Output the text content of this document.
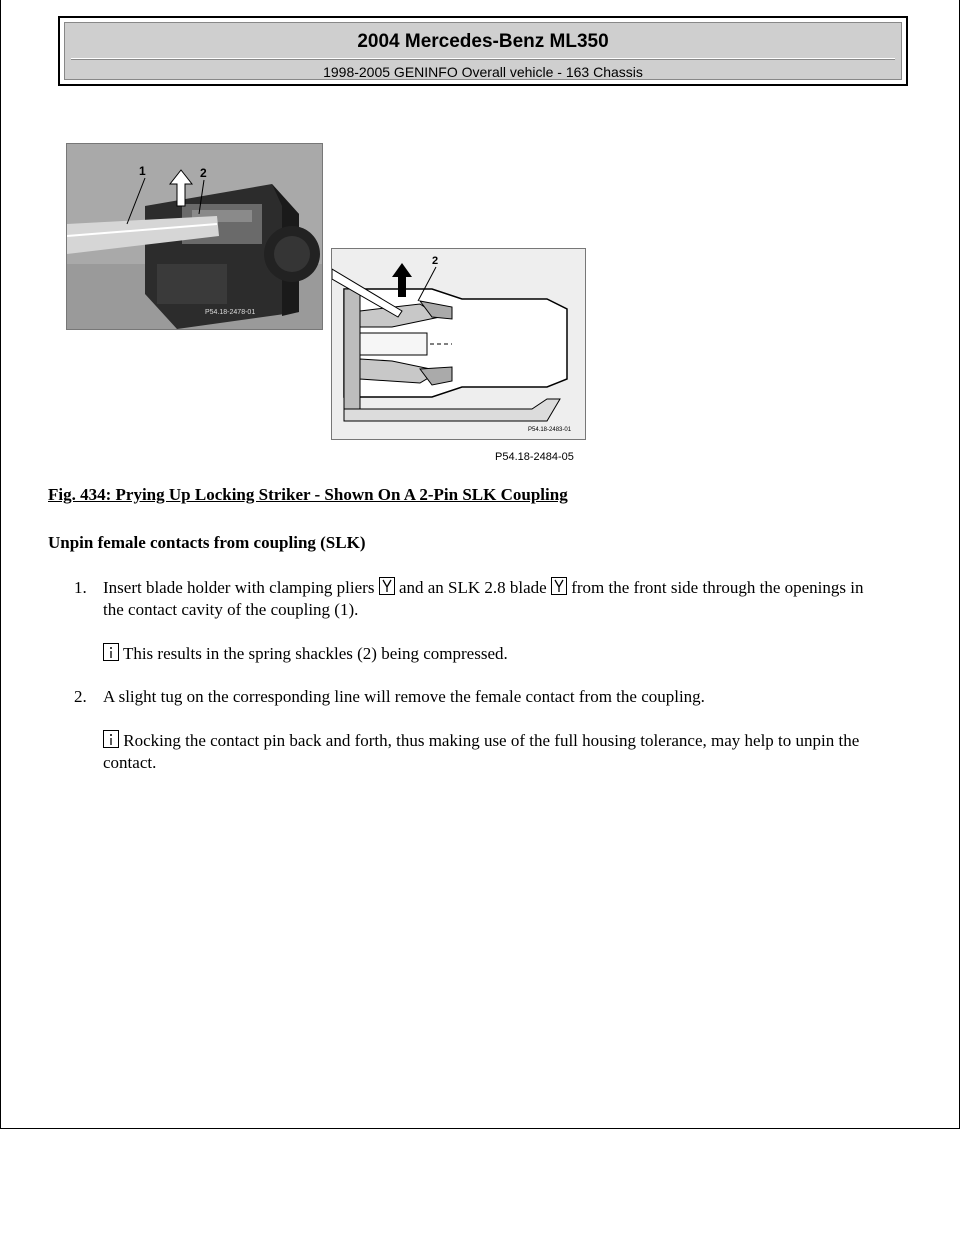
2004 Mercedes-Benz ML350
1998-2005 GENINFO Overall vehicle - 163 Chassis
P54.18-2478-01
1	2
P54.18-2483-01
2
P54.18-2484-05
Fig. 434: Prying Up Locking Striker - Shown On A 2-Pin SLK Coupling
Unpin female contacts from coupling (SLK)
1. Insert blade holder with clamping pliers and an SLK 2.8 blade from the front side through the openings in the contact cavity of the coupling (1).
This results in the spring shackles (2) being compressed.
2. A slight tug on the corresponding line will remove the female contact from the coupling.
Rocking the contact pin back and forth, thus making use of the full housing tolerance, may help to unpin the contact.
